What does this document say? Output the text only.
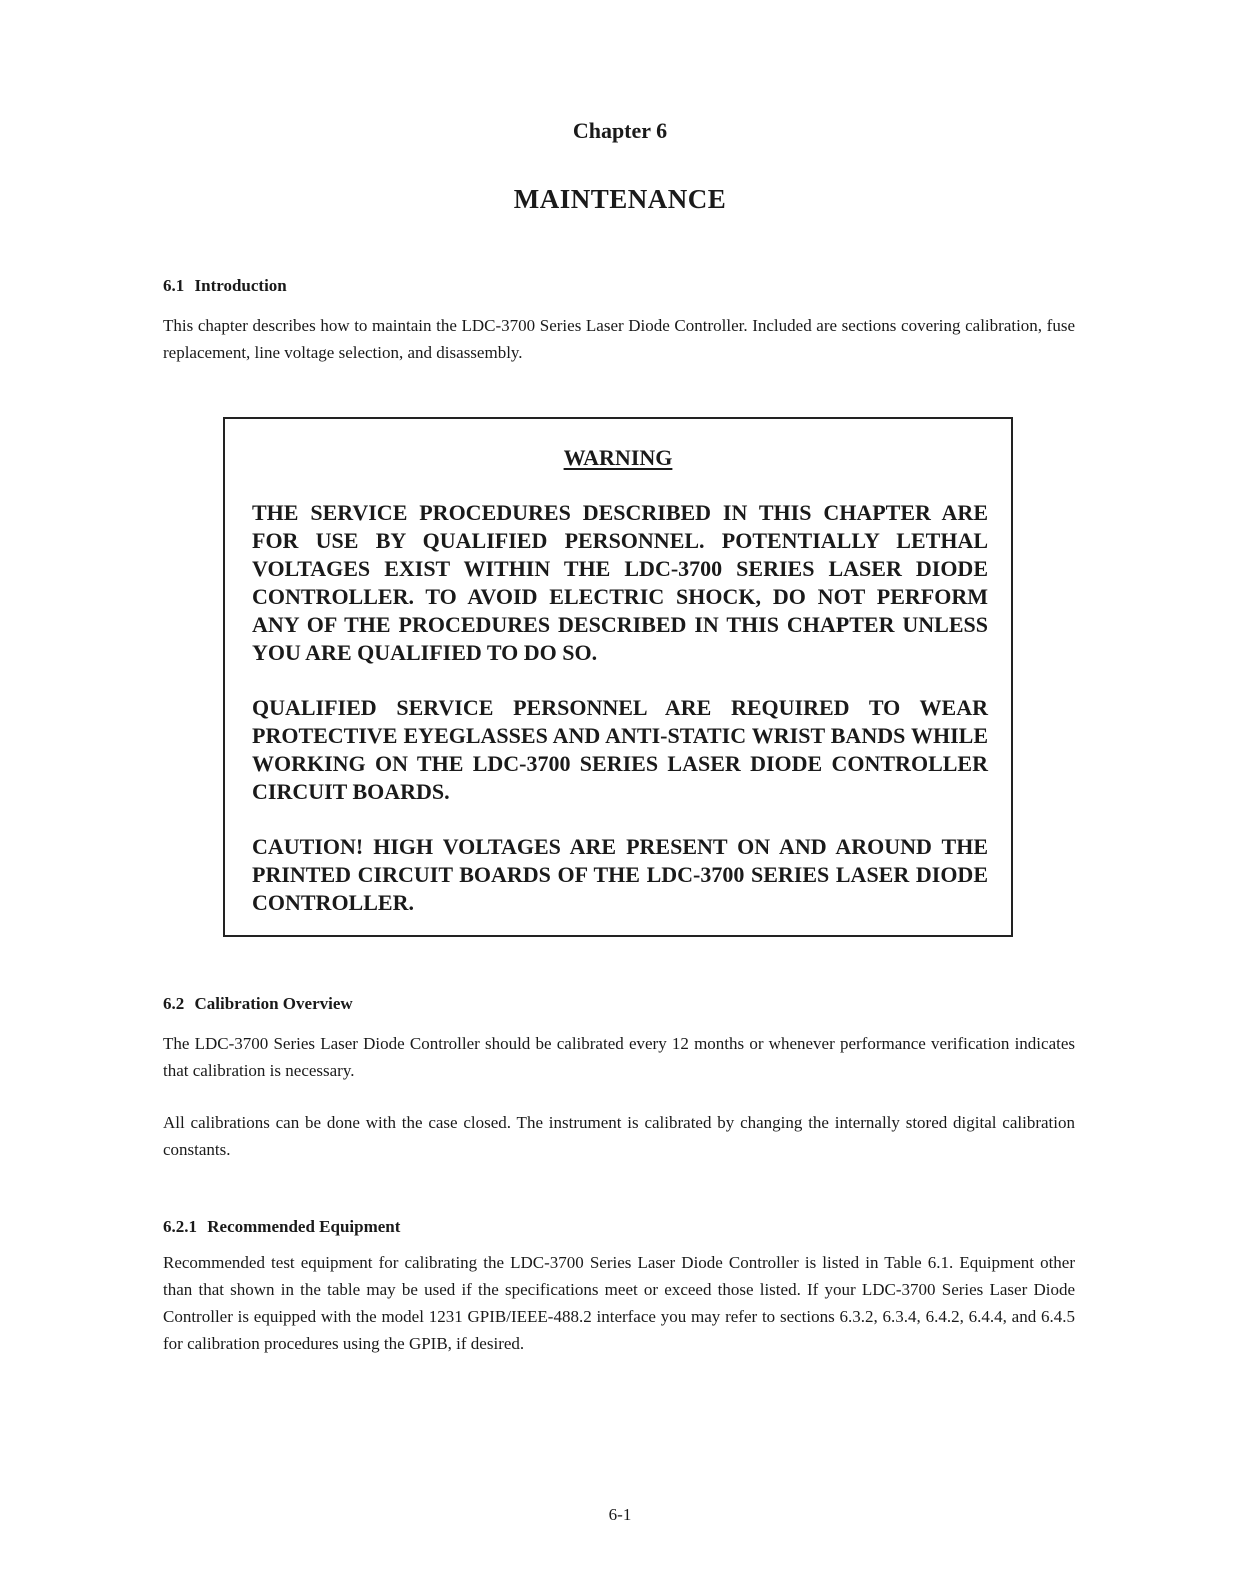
Chapter 6
MAINTENANCE
6.1 Introduction
This chapter describes how to maintain the LDC-3700 Series Laser Diode Controller. Included are sections covering calibration, fuse replacement, line voltage selection, and disassembly.
WARNING
THE SERVICE PROCEDURES DESCRIBED IN THIS CHAPTER ARE FOR USE BY QUALIFIED PERSONNEL. POTENTIALLY LETHAL VOLTAGES EXIST WITHIN THE LDC-3700 SERIES LASER DIODE CONTROLLER. TO AVOID ELECTRIC SHOCK, DO NOT PERFORM ANY OF THE PROCEDURES DESCRIBED IN THIS CHAPTER UNLESS YOU ARE QUALIFIED TO DO SO.
QUALIFIED SERVICE PERSONNEL ARE REQUIRED TO WEAR PROTECTIVE EYEGLASSES AND ANTI-STATIC WRIST BANDS WHILE WORKING ON THE LDC-3700 SERIES LASER DIODE CONTROLLER CIRCUIT BOARDS.
CAUTION! HIGH VOLTAGES ARE PRESENT ON AND AROUND THE PRINTED CIRCUIT BOARDS OF THE LDC-3700 SERIES LASER DIODE CONTROLLER.
6.2 Calibration Overview
The LDC-3700 Series Laser Diode Controller should be calibrated every 12 months or whenever performance verification indicates that calibration is necessary.
All calibrations can be done with the case closed. The instrument is calibrated by changing the internally stored digital calibration constants.
6.2.1 Recommended Equipment
Recommended test equipment for calibrating the LDC-3700 Series Laser Diode Controller is listed in Table 6.1. Equipment other than that shown in the table may be used if the specifications meet or exceed those listed. If your LDC-3700 Series Laser Diode Controller is equipped with the model 1231 GPIB/IEEE-488.2 interface you may refer to sections 6.3.2, 6.3.4, 6.4.2, 6.4.4, and 6.4.5 for calibration procedures using the GPIB, if desired.
6-1
